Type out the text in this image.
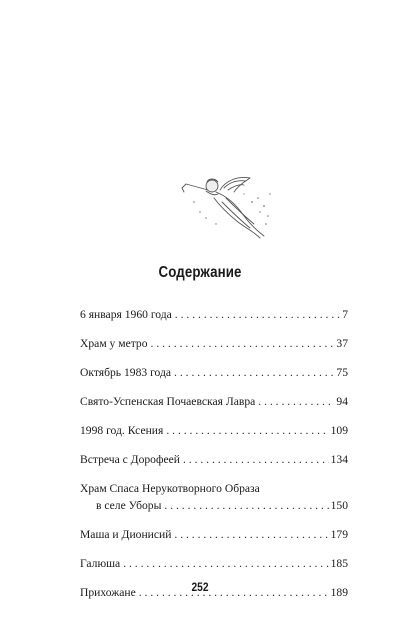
Содержание
6 января 1960 года . . .	7
Храм у метро . . .	37
Октябрь 1983 года . . .	75
Свято-Успенская Почаевская Лавра . . .	94
1998 год. Ксения . . .	109
Встреча с Дорофеей . . .	134
Храм Спаса Нерукотворного Образа
в селе Уборы . . .	150
Маша и Дионисий . . .	179
Галюша . . .	185
Прихожане . . .	189
252
